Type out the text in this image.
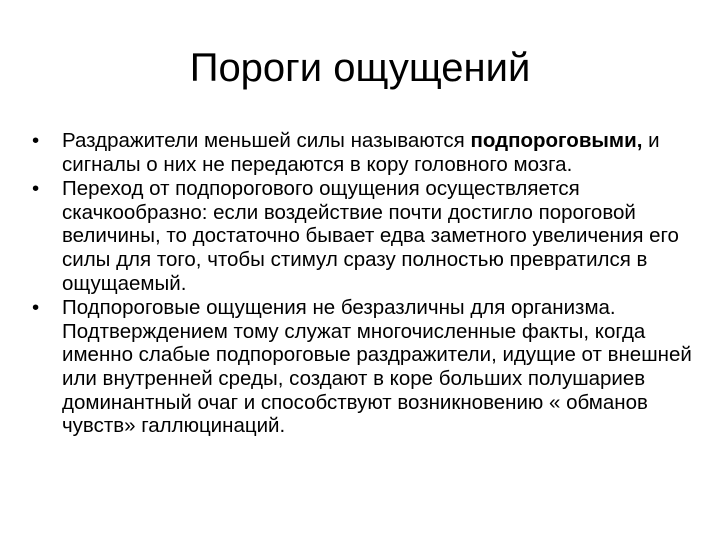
Пороги ощущений
•	Раздражители меньшей силы называются подпороговыми, и сигналы о них не передаются в кору головного мозга.
•	Переход от подпорогового ощущения осуществляется скачкообразно: если воздействие почти достигло пороговой величины, то достаточно бывает едва заметного увеличения его силы для того, чтобы стимул сразу полностью превратился в ощущаемый.
•	Подпороговые ощущения не безразличны для организма. Подтверждением тому служат многочисленные факты, когда именно слабые подпороговые раздражители, идущие от внешней или внутренней среды, создают в коре больших полушариев доминантный очаг и способствуют возникновению « обманов чувств» галлюцинаций.
